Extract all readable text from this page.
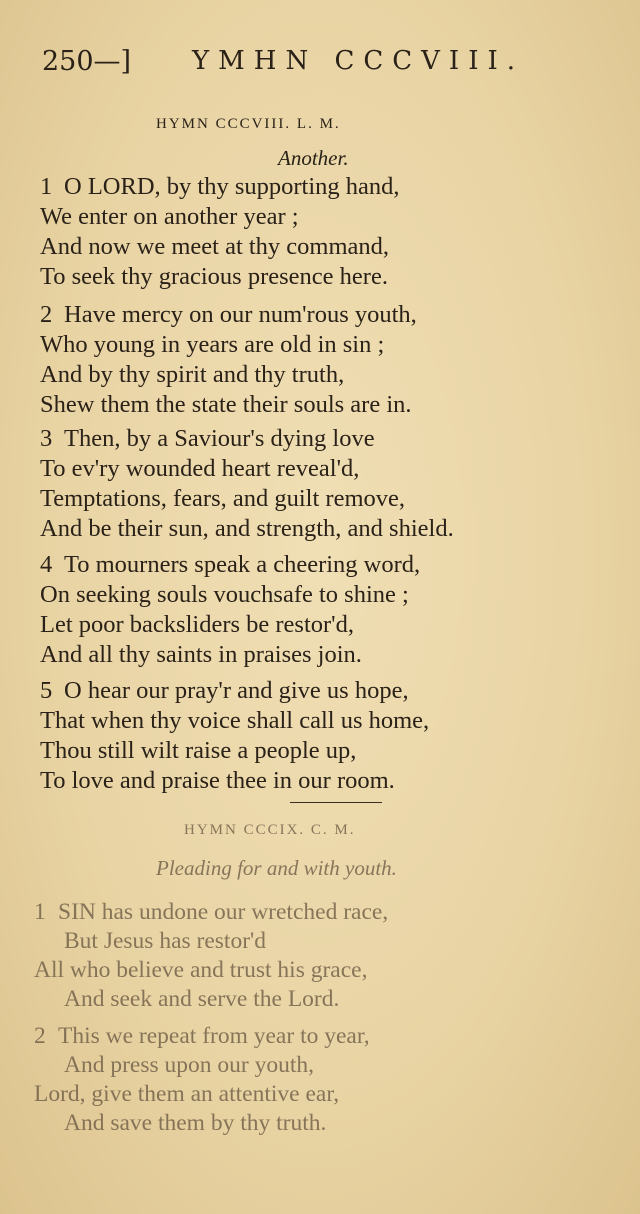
250—] YMHN CCCVIII.
HYMN CCCVIII. L. M.
Another.
1 O LORD, by thy supporting hand,
We enter on another year ;
And now we meet at thy command,
To seek thy gracious presence here.
2 Have mercy on our num'rous youth,
Who young in years are old in sin ;
And by thy spirit and thy truth,
Shew them the state their souls are in.
3 Then, by a Saviour's dying love
To ev'ry wounded heart reveal'd,
Temptations, fears, and guilt remove,
And be their sun, and strength, and shield.
4 To mourners speak a cheering word,
On seeking souls vouchsafe to shine ;
Let poor backsliders be restor'd,
And all thy saints in praises join.
5 O hear our pray'r and give us hope,
That when thy voice shall call us home,
Thou still wilt raise a people up,
To love and praise thee in our room.
HYMN CCCIX. C. M.
Pleading for and with youth.
1 SIN has undone our wretched race,
But Jesus has restor'd
All who believe and trust his grace,
And seek and serve the Lord.
2 This we repeat from year to year,
And press upon our youth,
Lord, give them an attentive ear,
And save them by thy truth.
